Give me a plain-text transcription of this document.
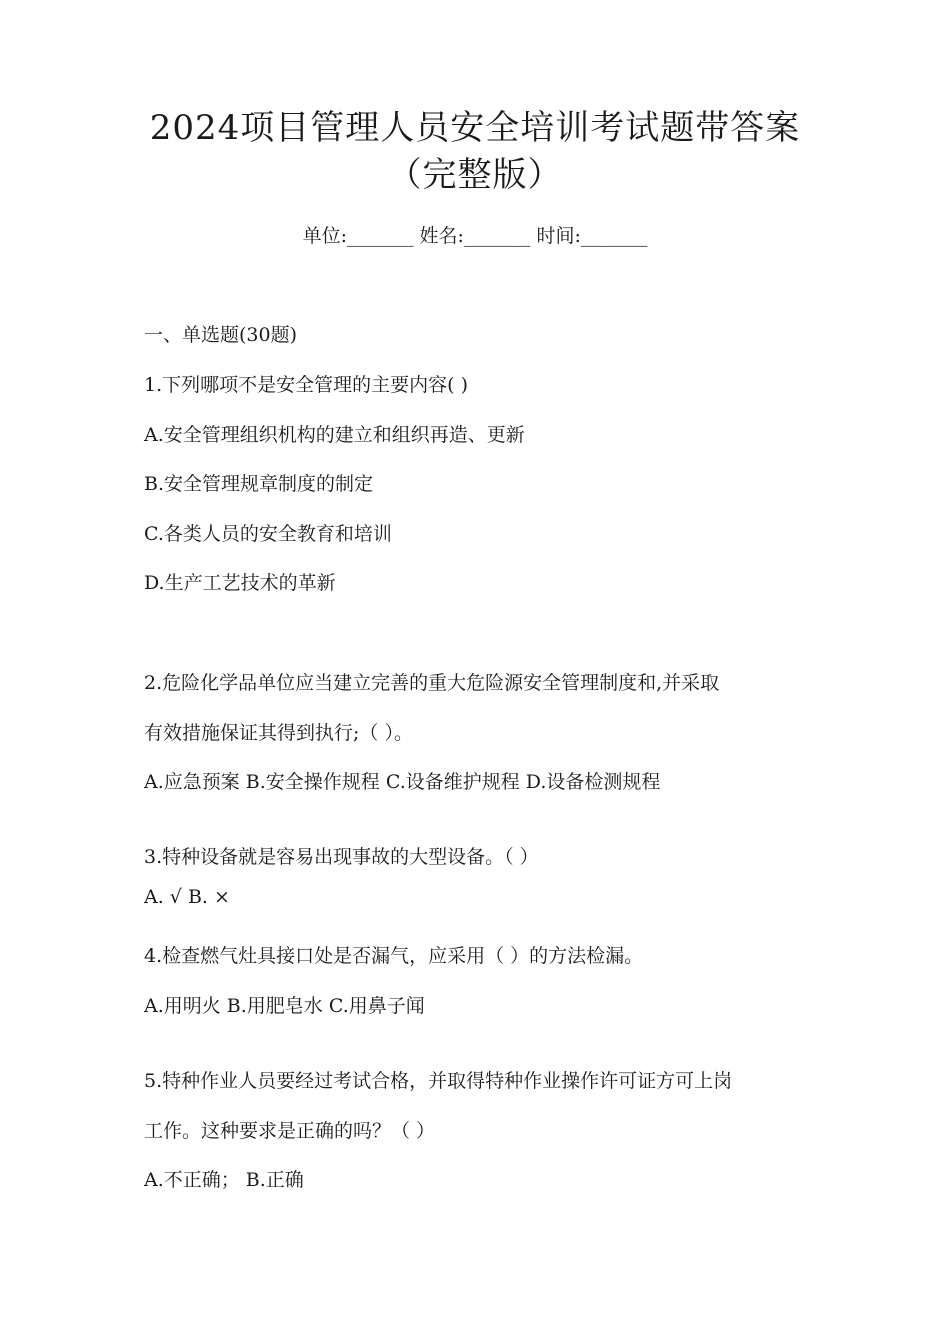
2024项目管理人员安全培训考试题带答案
（完整版）
单位:_______ 姓名:_______ 时间:_______
一、单选题(30题)
1.下列哪项不是安全管理的主要内容( )
A.安全管理组织机构的建立和组织再造、更新
B.安全管理规章制度的制定
C.各类人员的安全教育和培训
D.生产工艺技术的革新
2.危险化学品单位应当建立完善的重大危险源安全管理制度和,并采取
有效措施保证其得到执行;（ ）。
A.应急预案 B.安全操作规程 C.设备维护规程 D.设备检测规程
3.特种设备就是容易出现事故的大型设备。（ ）
A. √ B. ×
4.检查燃气灶具接口处是否漏气，应采用（ ）的方法检漏。
A.用明火 B.用肥皂水 C.用鼻子闻
5.特种作业人员要经过考试合格，并取得特种作业操作许可证方可上岗
工作。这种要求是正确的吗？（ ）
A.不正确； B.正确
